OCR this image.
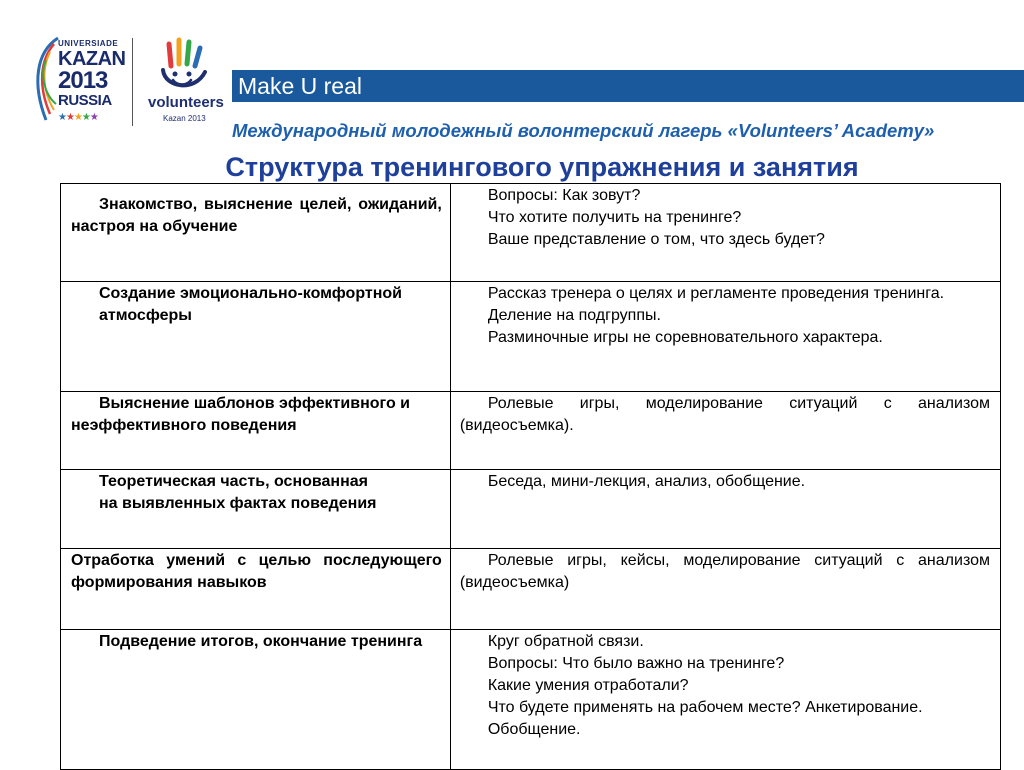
UNIVERSIADE
KAZAN
2013
RUSSIA
★★★★★
volunteers
Kazan 2013
Make U real
Международный молодежный волонтерский лагерь «Volunteers’ Academy»
Структура тренингового упражнения и занятия
Знакомство, выяснение целей, ожиданий, настроя на обучение	Вопросы: Как зовут?
Что хотите получить на тренинге?
Ваше представление о том, что здесь будет?

Создание эмоционально-комфортной
атмосферы	Рассказ тренера о целях и регламенте проведения тренинга.
Деление на подгруппы.
Разминочные игры не соревновательного характера.

Выяснение шаблонов эффективного и неэффективного поведения	Ролевые игры, моделирование ситуаций с анализом (видеосъемка).

Теоретическая часть, основанная
на выявленных фактах поведения	Беседа, мини-лекция, анализ, обобщение.

Отработка умений с целью последующего формирования навыков	Ролевые игры, кейсы, моделирование ситуаций с анализом (видеосъемка)

Подведение итогов, окончание тренинга	Круг обратной связи.
Вопросы: Что было важно на тренинге?
Какие умения отработали?
Что будете применять на рабочем месте? Анкетирование.
Обобщение.
